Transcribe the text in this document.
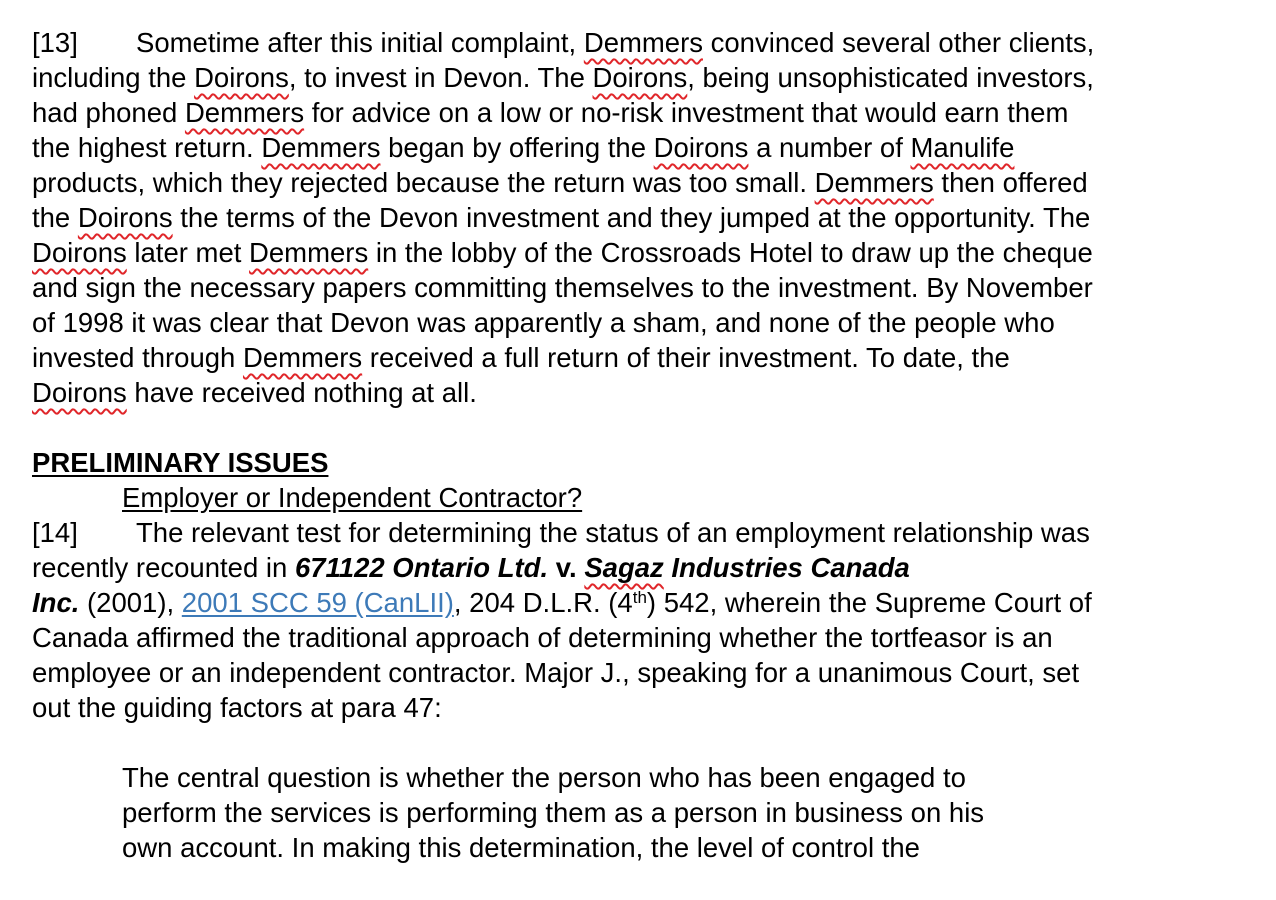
[13] Sometime after this initial complaint, Demmers convinced several other clients,
including the Doirons, to invest in Devon. The Doirons, being unsophisticated investors,
had phoned Demmers for advice on a low or no-risk investment that would earn them
the highest return. Demmers began by offering the Doirons a number of Manulife
products, which they rejected because the return was too small. Demmers then offered
the Doirons the terms of the Devon investment and they jumped at the opportunity. The
Doirons later met Demmers in the lobby of the Crossroads Hotel to draw up the cheque
and sign the necessary papers committing themselves to the investment. By November
of 1998 it was clear that Devon was apparently a sham, and none of the people who
invested through Demmers received a full return of their investment. To date, the
Doirons have received nothing at all.
PRELIMINARY ISSUES
Employer or Independent Contractor?
[14] The relevant test for determining the status of an employment relationship was
recently recounted in 671122 Ontario Ltd. v. Sagaz Industries Canada
Inc. (2001), 2001 SCC 59 (CanLII), 204 D.L.R. (4th) 542, wherein the Supreme Court of
Canada affirmed the traditional approach of determining whether the tortfeasor is an
employee or an independent contractor. Major J., speaking for a unanimous Court, set
out the guiding factors at para 47:
The central question is whether the person who has been engaged to
perform the services is performing them as a person in business on his
own account. In making this determination, the level of control the
